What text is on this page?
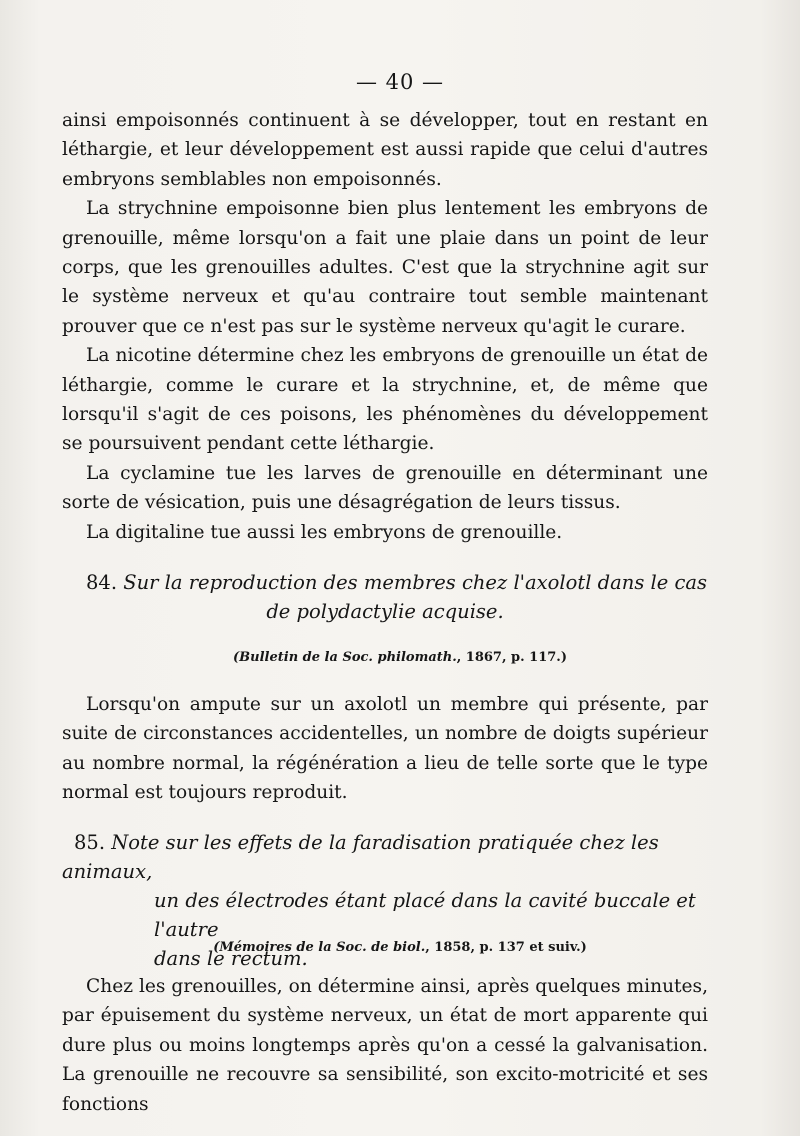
— 40 —

ainsi empoisonnés continuent à se développer, tout en restant en léthargie, et leur développement est aussi rapide que celui d'autres embryons semblables non empoisonnés.

La strychnine empoisonne bien plus lentement les embryons de grenouille, même lorsqu'on a fait une plaie dans un point de leur corps, que les grenouilles adultes. C'est que la strychnine agit sur le système nerveux et qu'au contraire tout semble maintenant prouver que ce n'est pas sur le système nerveux qu'agit le curare.

La nicotine détermine chez les embryons de grenouille un état de léthargie, comme le curare et la strychnine, et, de même que lorsqu'il s'agit de ces poisons, les phénomènes du développement se poursuivent pendant cette léthargie.

La cyclamine tue les larves de grenouille en déterminant une sorte de vésication, puis une désagrégation de leurs tissus.

La digitaline tue aussi les embryons de grenouille.

84. Sur la reproduction des membres chez l'axolotl dans le cas
de polydactylie acquise.
(Bulletin de la Soc. philomath., 1867, p. 117.)

Lorsqu'on ampute sur un axolotl un membre qui présente, par suite de circonstances accidentelles, un nombre de doigts supérieur au nombre normal, la régénération a lieu de telle sorte que le type normal est toujours reproduit.

85. Note sur les effets de la faradisation pratiquée chez les animaux,
un des électrodes étant placé dans la cavité buccale et l'autre
dans le rectum.
(Mémoires de la Soc. de biol., 1858, p. 137 et suiv.)

Chez les grenouilles, on détermine ainsi, après quelques minutes, par épuisement du système nerveux, un état de mort apparente qui dure plus ou moins longtemps après qu'on a cessé la galvanisation. La grenouille ne recouvre sa sensibilité, son excito-motricité et ses fonctions
